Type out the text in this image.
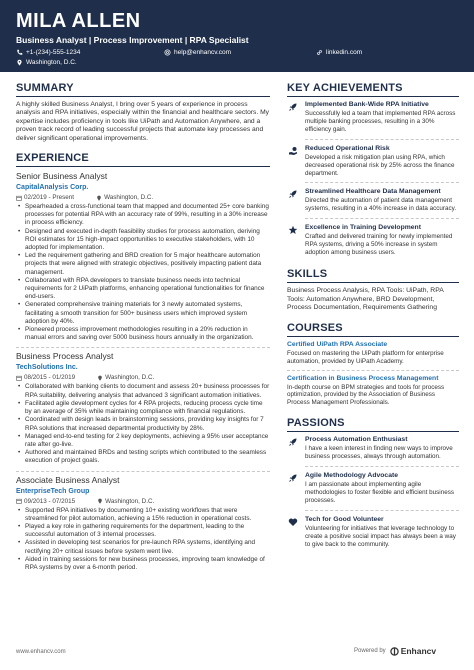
MILA ALLEN
Business Analyst | Process Improvement | RPA Specialist
+1-(234)-555-1234	help@enhancv.com	linkedin.com
Washington, D.C.
SUMMARY
A highly skilled Business Analyst, I bring over 5 years of experience in process analysis and RPA initiatives, especially within the financial and healthcare sectors. My expertise includes proficiency in tools like UiPath and Automation Anywhere, and a proven track record of leading successful projects that automate key processes and deliver significant operational improvements.
EXPERIENCE
Senior Business Analyst
CapitalAnalysis Corp.
02/2019 - Present	Washington, D.C.
• Spearheaded a cross-functional team that mapped and documented 25+ core banking processes for potential RPA with an accuracy rate of 99%, resulting in a 30% increase in process efficiency.
• Designed and executed in-depth feasibility studies for process automation, deriving ROI estimates for 15 high-impact opportunities to executive stakeholders, with 10 adopted for implementation.
• Led the requirement gathering and BRD creation for 5 major healthcare automation projects that were aligned with strategic objectives, positively impacting patient data management.
• Collaborated with RPA developers to translate business needs into technical requirements for 2 UiPath platforms, enhancing operational functionalities for finance end-users.
• Generated comprehensive training materials for 3 newly automated systems, facilitating a smooth transition for 500+ business users which improved system adoption by 40%.
• Pioneered process improvement methodologies resulting in a 20% reduction in manual errors and saving over 5000 business hours annually in the organization.
Business Process Analyst
TechSolutions Inc.
08/2015 - 01/2019	Washington, D.C.
• Collaborated with banking clients to document and assess 20+ business processes for RPA suitability, delivering analysis that advanced 3 significant automation initiatives.
• Facilitated agile development cycles for 4 RPA projects, reducing process cycle time by an average of 35% while maintaining compliance with financial regulations.
• Coordinated with design leads in brainstorming sessions, providing key insights for 7 RPA solutions that increased departmental productivity by 28%.
• Managed end-to-end testing for 2 key deployments, achieving a 95% user acceptance rate after go-live.
• Authored and maintained BRDs and testing scripts which contributed to the seamless execution of project goals.
Associate Business Analyst
EnterpriseTech Group
09/2013 - 07/2015	Washington, D.C.
• Supported RPA initiatives by documenting 10+ existing workflows that were streamlined for pilot automation, achieving a 15% reduction in operational costs.
• Played a key role in gathering requirements for the department, leading to the successful automation of 3 internal processes.
• Assisted in developing test scenarios for pre-launch RPA systems, identifying and rectifying 20+ critical issues before system went live.
• Aided in training sessions for new business processes, improving team knowledge of RPA systems by over a 6-month period.
KEY ACHIEVEMENTS
Implemented Bank-Wide RPA Initiative
Successfully led a team that implemented RPA across multiple banking processes, resulting in a 30% efficiency gain.
Reduced Operational Risk
Developed a risk mitigation plan using RPA, which decreased operational risk by 25% across the finance department.
Streamlined Healthcare Data Management
Directed the automation of patient data management systems, resulting in a 40% increase in data accuracy.
Excellence in Training Development
Crafted and delivered training for newly implemented RPA systems, driving a 50% increase in system adoption among business users.
SKILLS
Business Process Analysis, RPA Tools: UiPath, RPA Tools: Automation Anywhere, BRD Development, Process Documentation, Requirements Gathering
COURSES
Certified UiPath RPA Associate
Focused on mastering the UiPath platform for enterprise automation, provided by UiPath Academy.
Certification in Business Process Management
In-depth course on BPM strategies and tools for process optimization, provided by the Association of Business Process Management Professionals.
PASSIONS
Process Automation Enthusiast
I have a keen interest in finding new ways to improve business processes, always through automation.
Agile Methodology Advocate
I am passionate about implementing agile methodologies to foster flexible and efficient business processes.
Tech for Good Volunteer
Volunteering for initiatives that leverage technology to create a positive social impact has always been a way to give back to the community.
www.enhancv.com	Powered by Enhancv
